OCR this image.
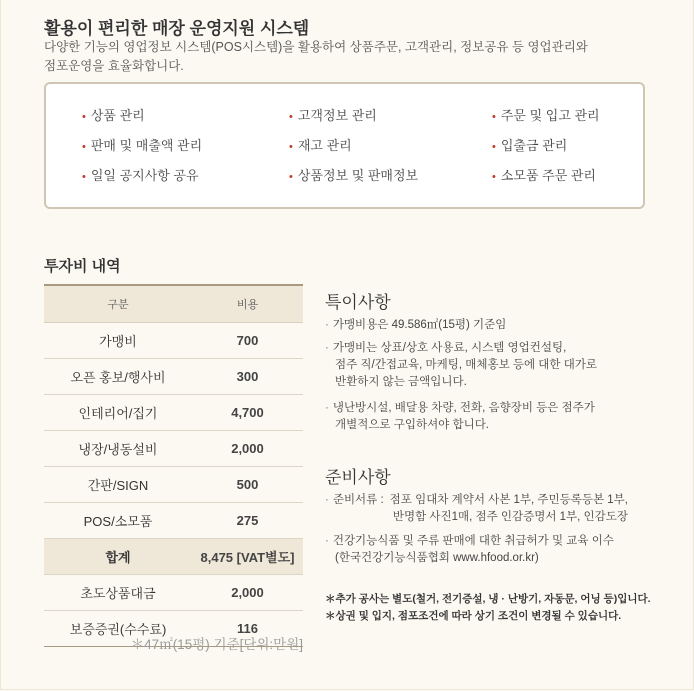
활용이 편리한 매장 운영지원 시스템
다양한 기능의 영업정보 시스템(POS시스템)을 활용하여 상품주문, 고객관리, 정보공유 등 영업관리와
점포운영을 효율화합니다.
• 상품 관리
• 판매 및 매출액 관리
• 일일 공지사항 공유
• 고객정보 관리
• 재고 관리
• 상품정보 및 판매정보
• 주문 및 입고 관리
• 입출금 관리
• 소모품 주문 관리
투자비 내역
구분	비용
가맹비	700
오픈 홍보/행사비	300
인테리어/집기	4,700
냉장/냉동설비	2,000
간판/SIGN	500
POS/소모품	275
합계	8,475 [VAT별도]
초도상품대금	2,000
보증증권(수수료)	116
＊47㎡(15평) 기준[단위:만원]
특이사항
· 가맹비용은 49.586㎡(15평) 기준임
· 가맹비는 상표/상호 사용료, 시스템 영업컨설팅,
점주 직/간접교육, 마케팅, 매체홍보 등에 대한 대가로
반환하지 않는 금액입니다.
· 냉난방시설, 배달용 차량, 전화, 음향장비 등은 점주가
개별적으로 구입하셔야 합니다.
준비사항
· 준비서류 : 점포 임대차 계약서 사본 1부, 주민등록등본 1부,
반명함 사진1매, 점주 인감증명서 1부, 인감도장
· 건강기능식품 및 주류 판매에 대한 취급허가 및 교육 이수
(한국건강기능식품협회 www.hfood.or.kr)
＊추가 공사는 별도(철거, 전기증설, 냉 · 난방기, 자동문, 어닝 등)입니다.
＊상권 및 입지, 점포조건에 따라 상기 조건이 변경될 수 있습니다.
